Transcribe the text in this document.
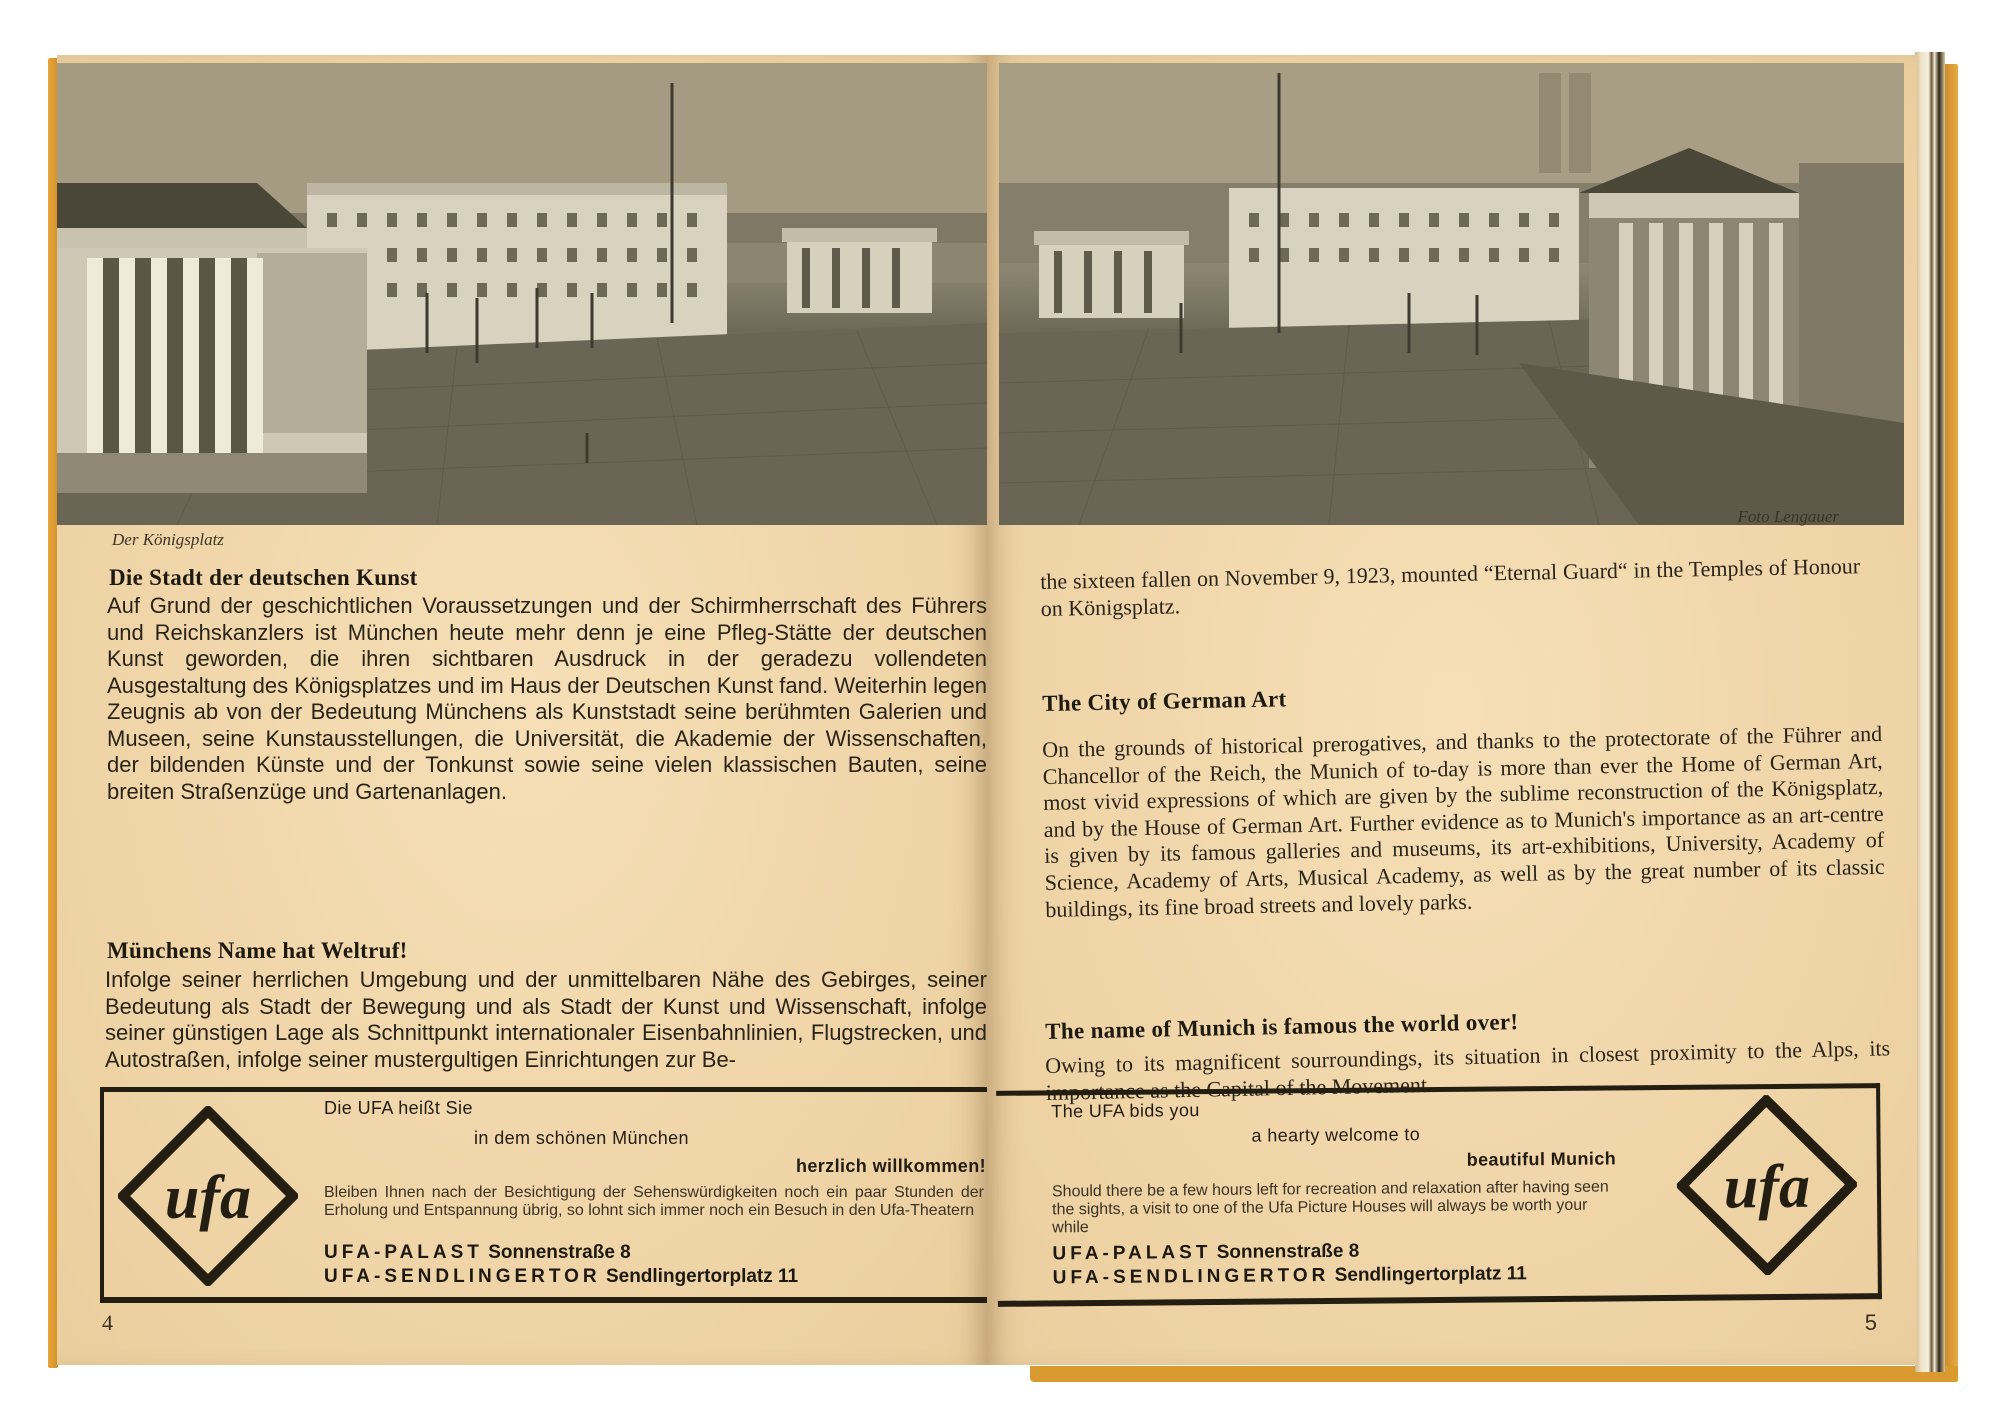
Der Königsplatz
Die Stadt der deutschen Kunst
Auf Grund der geschichtlichen Voraussetzungen und der Schirmherrschaft des Führers und Reichskanzlers ist München heute mehr denn je eine Pfleg-Stätte der deutschen Kunst geworden, die ihren sichtbaren Ausdruck in der geradezu vollendeten Ausgestaltung des Königsplatzes und im Haus der Deutschen Kunst fand. Weiterhin legen Zeugnis ab von der Bedeutung Münchens als Kunststadt seine berühmten Galerien und Museen, seine Kunstausstellungen, die Universität, die Akademie der Wissenschaften, der bildenden Künste und der Tonkunst sowie seine vielen klassischen Bauten, seine breiten Straßenzüge und Gartenanlagen.
Münchens Name hat Weltruf!
Infolge seiner herrlichen Umgebung und der unmittelbaren Nähe des Gebirges, seiner Bedeutung als Stadt der Bewegung und als Stadt der Kunst und Wissenschaft, infolge seiner günstigen Lage als Schnittpunkt internationaler Eisenbahnlinien, Flugstrecken, und Autostraßen, infolge seiner mustergultigen Einrichtungen zur Be-
ufa
Die UFA heißt Sie
in dem schönen München
herzlich willkommen!
Bleiben Ihnen nach der Besichtigung der Sehenswürdigkeiten noch ein paar Stunden der Erholung und Entspannung übrig, so lohnt sich immer noch ein Besuch in den Ufa-Theatern
UFA-PALAST Sonnenstraße 8
UFA-SENDLINGERTOR Sendlingertorplatz 11
4
Foto Lengauer
the sixteen fallen on November 9, 1923, mounted “Eternal Guard“ in the Temples of Honour on Königsplatz.
The City of German Art
On the grounds of historical prerogatives, and thanks to the protectorate of the Führer and Chancellor of the Reich, the Munich of to-day is more than ever the Home of German Art, most vivid expressions of which are given by the sublime reconstruction of the Königsplatz, and by the House of German Art. Further evidence as to Munich's importance as an art-centre is given by its famous galleries and museums, its art-exhibitions, University, Academy of Science, Academy of Arts, Musical Academy, as well as by the great number of its classic buildings, its fine broad streets and lovely parks.
The name of Munich is famous the world over!
Owing to its magnificent sourroundings, its situation in closest proximity to the Alps, its importance as the Capital of the Movement
The UFA bids you
a hearty welcome to
beautiful Munich
Should there be a few hours left for recreation and relaxation after having seen the sights, a visit to one of the Ufa Picture Houses will always be worth your while
UFA-PALAST Sonnenstraße 8
UFA-SENDLINGERTOR Sendlingertorplatz 11
ufa
5
